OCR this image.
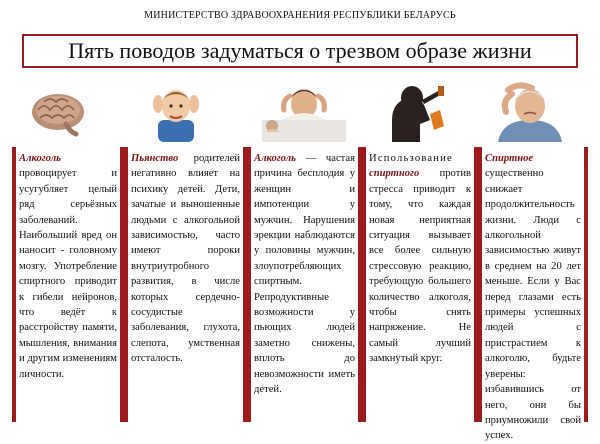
МИНИСТЕРСТВО ЗДРАВООХРАНЕНИЯ РЕСПУБЛИКИ БЕЛАРУСЬ
Пять поводов задуматься о трезвом образе жизни
Алкоголь провоцирует и усугубляет целый ряд серьёзных заболеваний. Наибольший вред он наносит - головному мозгу. Употребление спиртного приводит к гибели нейронов, что ведёт к расстройству памяти, мышления, внимания и другим изменениям личности.
Пьянство родителей негативно влияет на психику детей. Дети, зачатые и выношенные людьми с алкогольной зависимостью, часто имеют пороки внутриутробного развития, в числе которых сердечно-сосудистые заболевания, глухота, слепота, умственная отсталость.
Алкоголь — частая причина бесплодия у женщин и импотенции у мужчин. Нарушения эрекции наблюдаются у половины мужчин, злоупотребляющих спиртным. Репродуктивные возможности у пьющих людей заметно снижены, вплоть до невозможности иметь детей.
Использование спиртного против стресса приводит к тому, что каждая новая неприятная ситуация вызывает все более сильную стрессовую реакцию, требующую большего количество алкоголя, чтобы снять напряжение. Не самый лучший замкнутый круг.
Спиртное существенно снижает продолжительность жизни. Люди с алкогольной зависимостью живут в среднем на 20 лет меньше. Если у Вас перед глазами есть примеры успешных людей с пристрастием к алкоголю, будьте уверены: избавившись от него, они бы приумножили свой успех.
